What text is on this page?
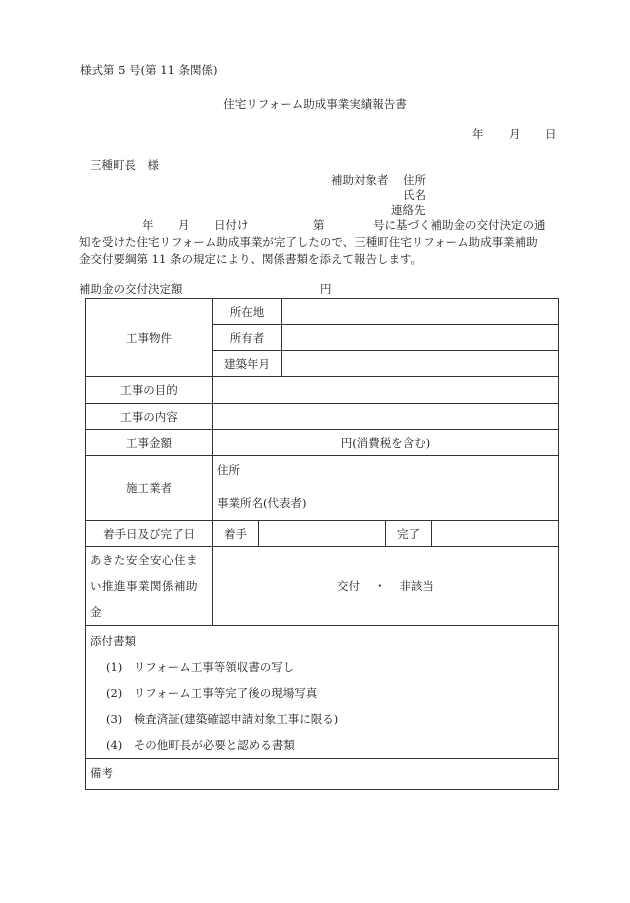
様式第 5 号(第 11 条関係)
住宅リフォーム助成事業実績報告書
年 月 日
三種町長　様
補助対象者 住所
氏名
連絡先
年 月 日付け	第	号に基づく補助金の交付決定の通
知を受けた住宅リフォーム助成事業が完了したので、三種町住宅リフォーム助成事業補助
金交付要綱第 11 条の規定により、関係書類を添えて報告します。
補助金の交付決定額	円
工事物件	所在地				
	所有者				
	建築年月				
工事の目的					
工事の内容					
工事金額	円(消費税を含む)				
施工業者	住所
事業所名(代表者)				

着手日及び完了日	着手			完了	

あきた安全安心住ま
い推進事業関係補助
金	交付 ・ 非該当				

添付書類
(1)　リフォーム工事等領収書の写し
(2)　リフォーム工事等完了後の現場写真
(3)　検査済証(建築確認申請対象工事に限る)
(4)　その他町長が必要と認める書類					

備考					
